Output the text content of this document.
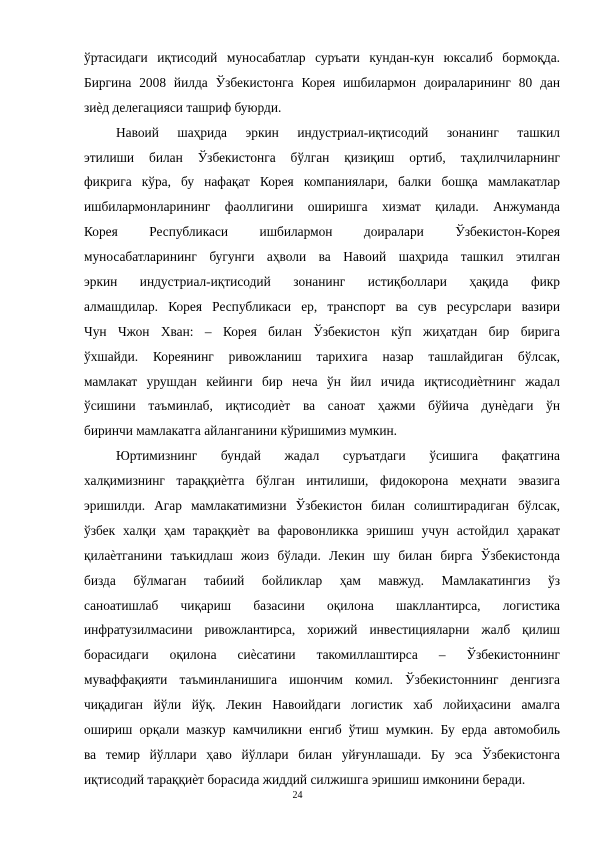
ўртасидаги иқтисодий муносабатлар суръати кундан-кун юксалиб бормоқда.
Биргина 2008 йилда Ўзбекистонга Корея ишбилармон доираларининг 80 дан
зиѐд делегацияси ташриф буюрди.
Навоий шаҳрида эркин индустриал-иқтисодий зонанинг ташкил
этилиши билан Ўзбекистонга бўлган қизиқиш ортиб, таҳлилчиларнинг
фикрига кўра, бу нафақат Корея компаниялари, балки бошқа мамлакатлар
ишбилармонларининг фаоллигини оширишга хизмат қилади. Анжуманда
Корея Республикаси ишбилармон доиралари Ўзбекистон-Корея
муносабатларининг бугунги аҳволи ва Навоий шаҳрида ташкил этилган
эркин индустриал-иқтисодий зонанинг истиқболлари ҳақида фикр
алмашдилар. Корея Республикаси ер, транспорт ва сув ресурслари вазири
Чун Чжон Хван: – Корея билан Ўзбекистон кўп жиҳатдан бир бирига
ўхшайди. Кореянинг ривожланиш тарихига назар ташлайдиган бўлсак,
мамлакат урушдан кейинги бир неча ўн йил ичида иқтисодиѐтнинг жадал
ўсишини таъминлаб, иқтисодиѐт ва саноат ҳажми бўйича дунѐдаги ўн
биринчи мамлакатга айланганини кўришимиз мумкин.
Юртимизнинг бундай жадал суръатдаги ўсишига фақатгина
халқимизнинг тараққиѐтга бўлган интилиши, фидокорона меҳнати эвазига
эришилди. Агар мамлакатимизни Ўзбекистон билан солиштирадиган бўлсак,
ўзбек халқи ҳам тараққиѐт ва фаровонликка эришиш учун астойдил ҳаракат
қилаѐтганини таъкидлаш жоиз бўлади. Лекин шу билан бирга Ўзбекистонда
бизда бўлмаган табиий бойликлар ҳам мавжуд. Мамлакатингиз ўз
саноатишлаб чиқариш базасини оқилона шакллантирса, логистика
инфратузилмасини ривожлантирса, хорижий инвестицияларни жалб қилиш
борасидаги оқилона сиѐсатини такомиллаштирса – Ўзбекистоннинг
муваффақияти таъминланишига ишончим комил. Ўзбекистоннинг денгизга
чиқадиган йўли йўқ. Лекин Навоийдаги логистик хаб лойиҳасини амалга
ошириш орқали мазкур камчиликни енгиб ўтиш мумкин. Бу ерда автомобиль
ва темир йўллари ҳаво йўллари билан уйғунлашади. Бу эса Ўзбекистонга
иқтисодий тараққиѐт борасида жиддий силжишга эришиш имконини беради.
24
